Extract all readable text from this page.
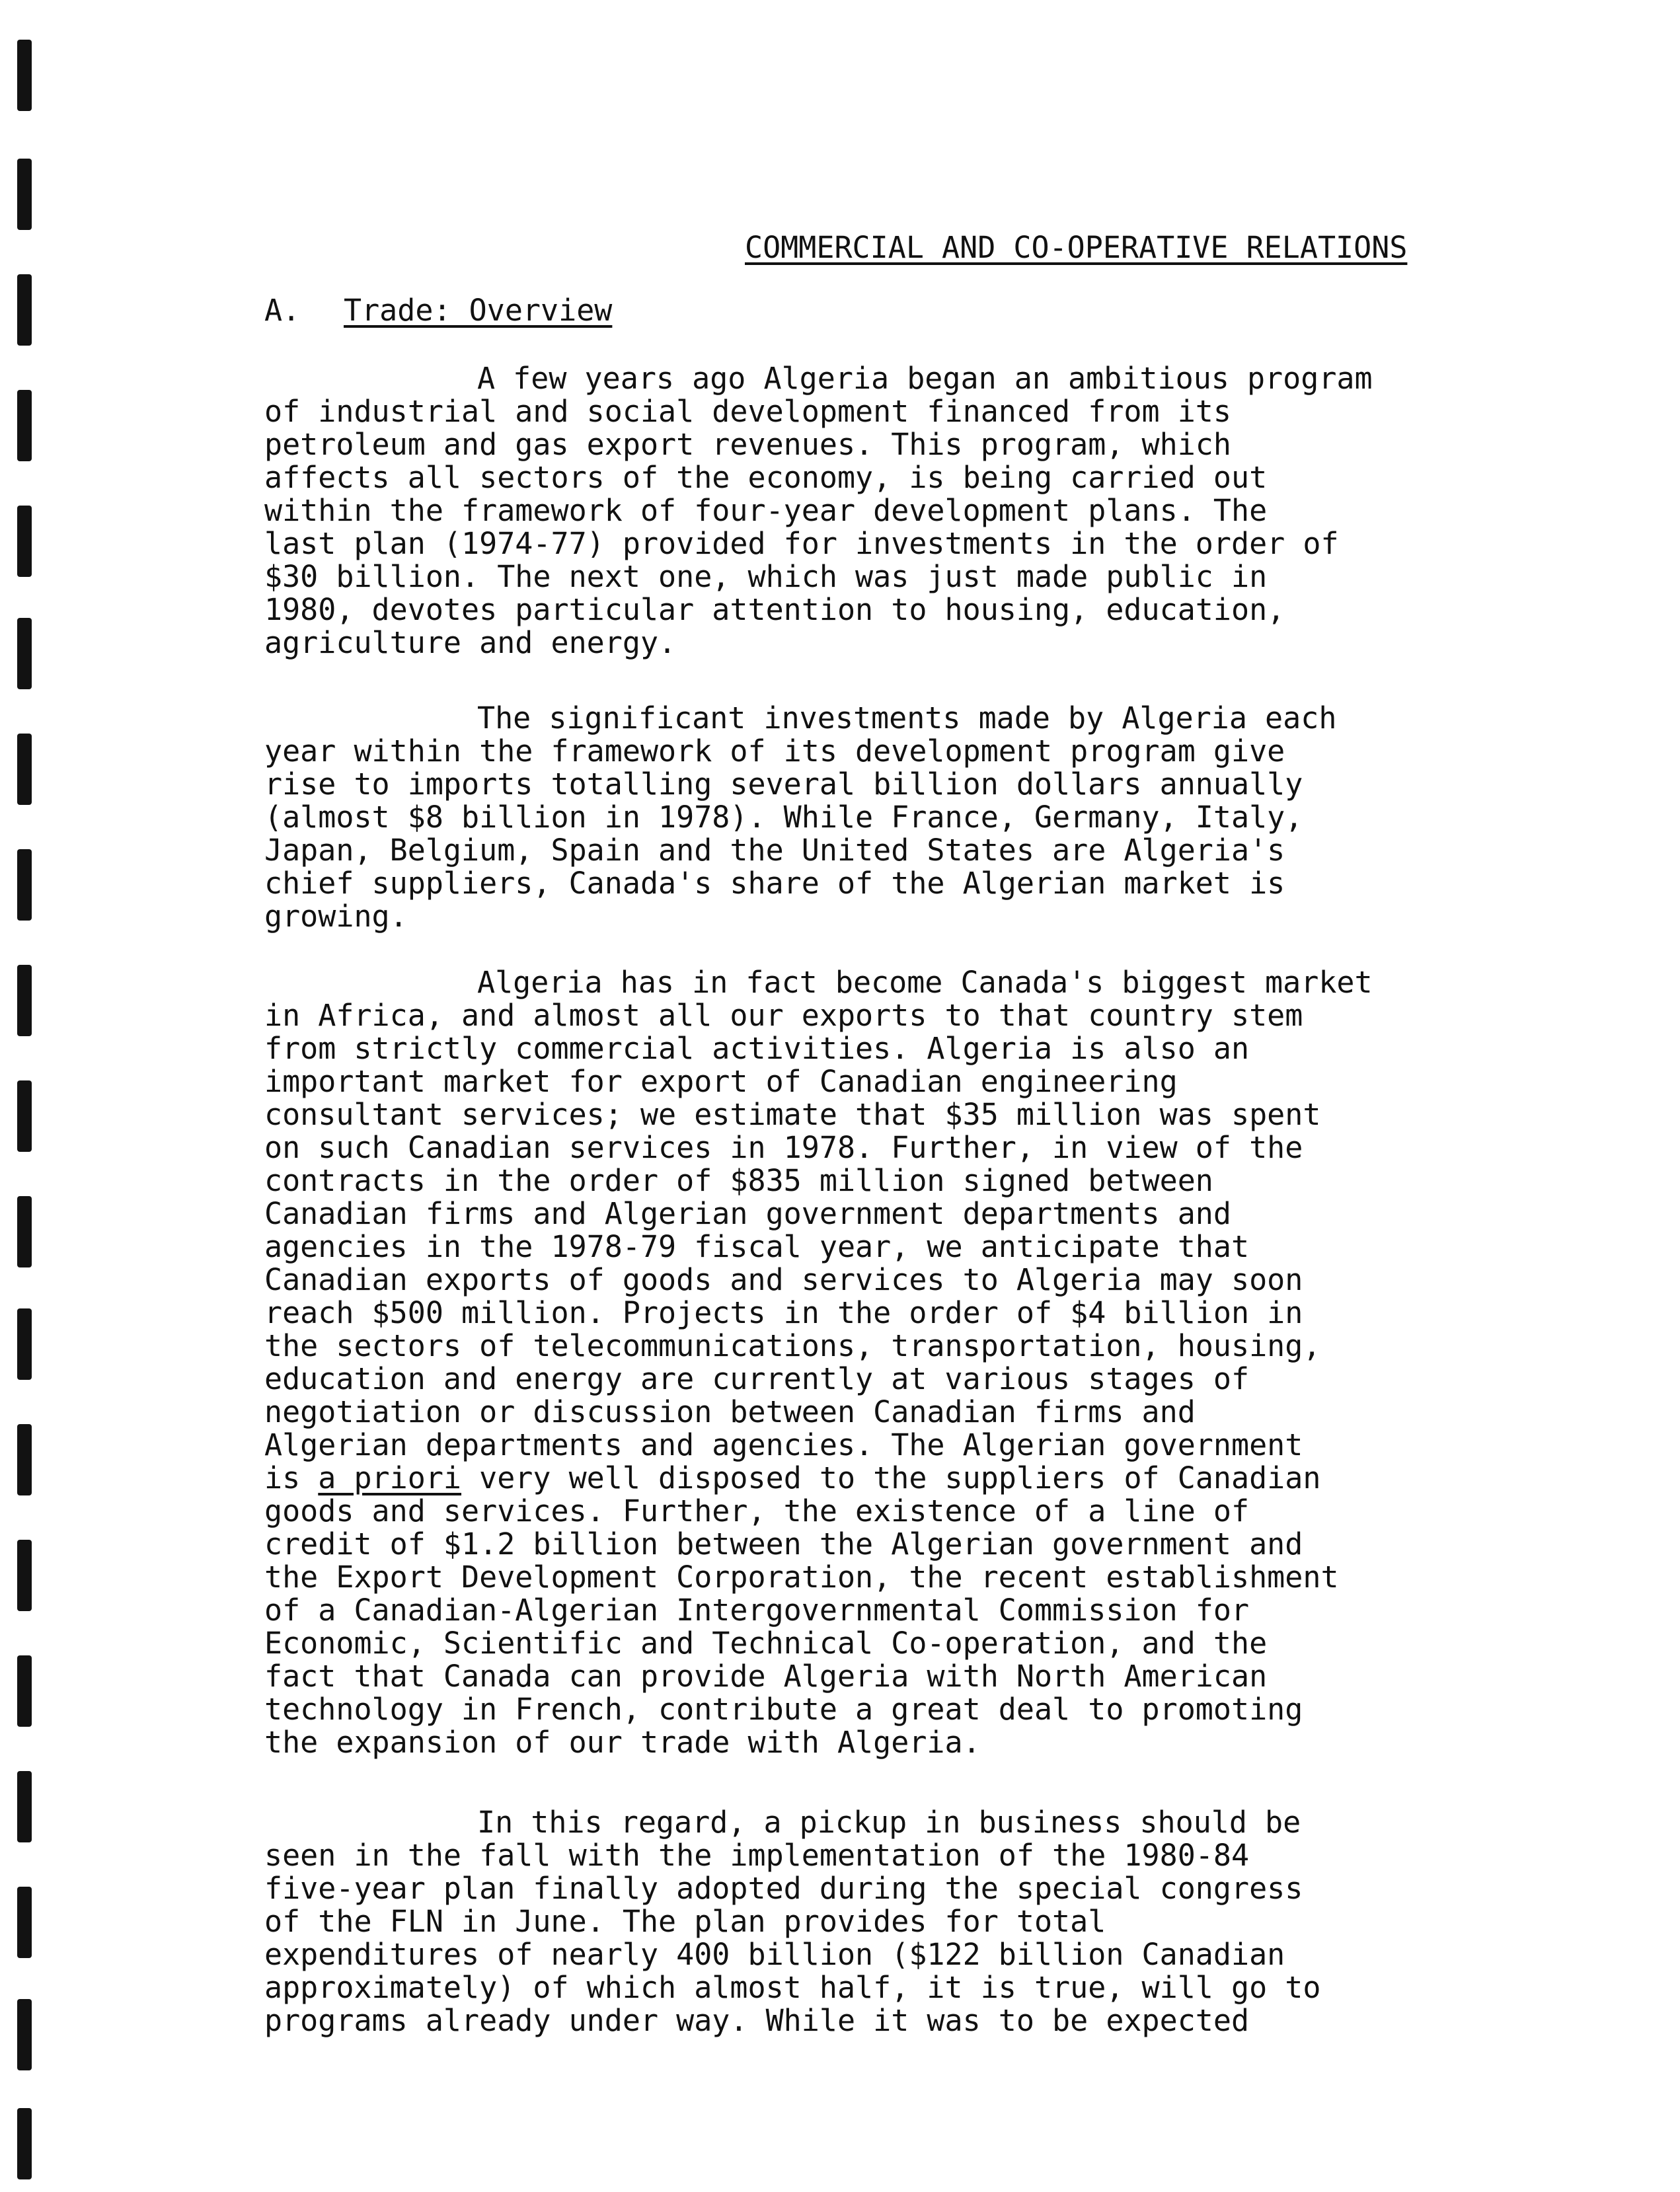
COMMERCIAL AND CO-OPERATIVE RELATIONS
A. Trade: Overview

A few years ago Algeria began an ambitious program
of industrial and social development financed from its
petroleum and gas export revenues. This program, which
affects all sectors of the economy, is being carried out
within the framework of four-year development plans. The
last plan (1974-77) provided for investments in the order of
$30 billion. The next one, which was just made public in
1980, devotes particular attention to housing, education,
agriculture and energy.

The significant investments made by Algeria each
year within the framework of its development program give
rise to imports totalling several billion dollars annually
(almost $8 billion in 1978). While France, Germany, Italy,
Japan, Belgium, Spain and the United States are Algeria's
chief suppliers, Canada's share of the Algerian market is
growing.

Algeria has in fact become Canada's biggest market
in Africa, and almost all our exports to that country stem
from strictly commercial activities. Algeria is also an
important market for export of Canadian engineering
consultant services; we estimate that $35 million was spent
on such Canadian services in 1978. Further, in view of the
contracts in the order of $835 million signed between
Canadian firms and Algerian government departments and
agencies in the 1978-79 fiscal year, we anticipate that
Canadian exports of goods and services to Algeria may soon
reach $500 million. Projects in the order of $4 billion in
the sectors of telecommunications, transportation, housing,
education and energy are currently at various stages of
negotiation or discussion between Canadian firms and
Algerian departments and agencies. The Algerian government
is a priori very well disposed to the suppliers of Canadian
goods and services. Further, the existence of a line of
credit of $1.2 billion between the Algerian government and
the Export Development Corporation, the recent establishment
of a Canadian-Algerian Intergovernmental Commission for
Economic, Scientific and Technical Co-operation, and the
fact that Canada can provide Algeria with North American
technology in French, contribute a great deal to promoting
the expansion of our trade with Algeria.

In this regard, a pickup in business should be
seen in the fall with the implementation of the 1980-84
five-year plan finally adopted during the special congress
of the FLN in June. The plan provides for total
expenditures of nearly 400 billion ($122 billion Canadian
approximately) of which almost half, it is true, will go to
programs already under way. While it was to be expected
